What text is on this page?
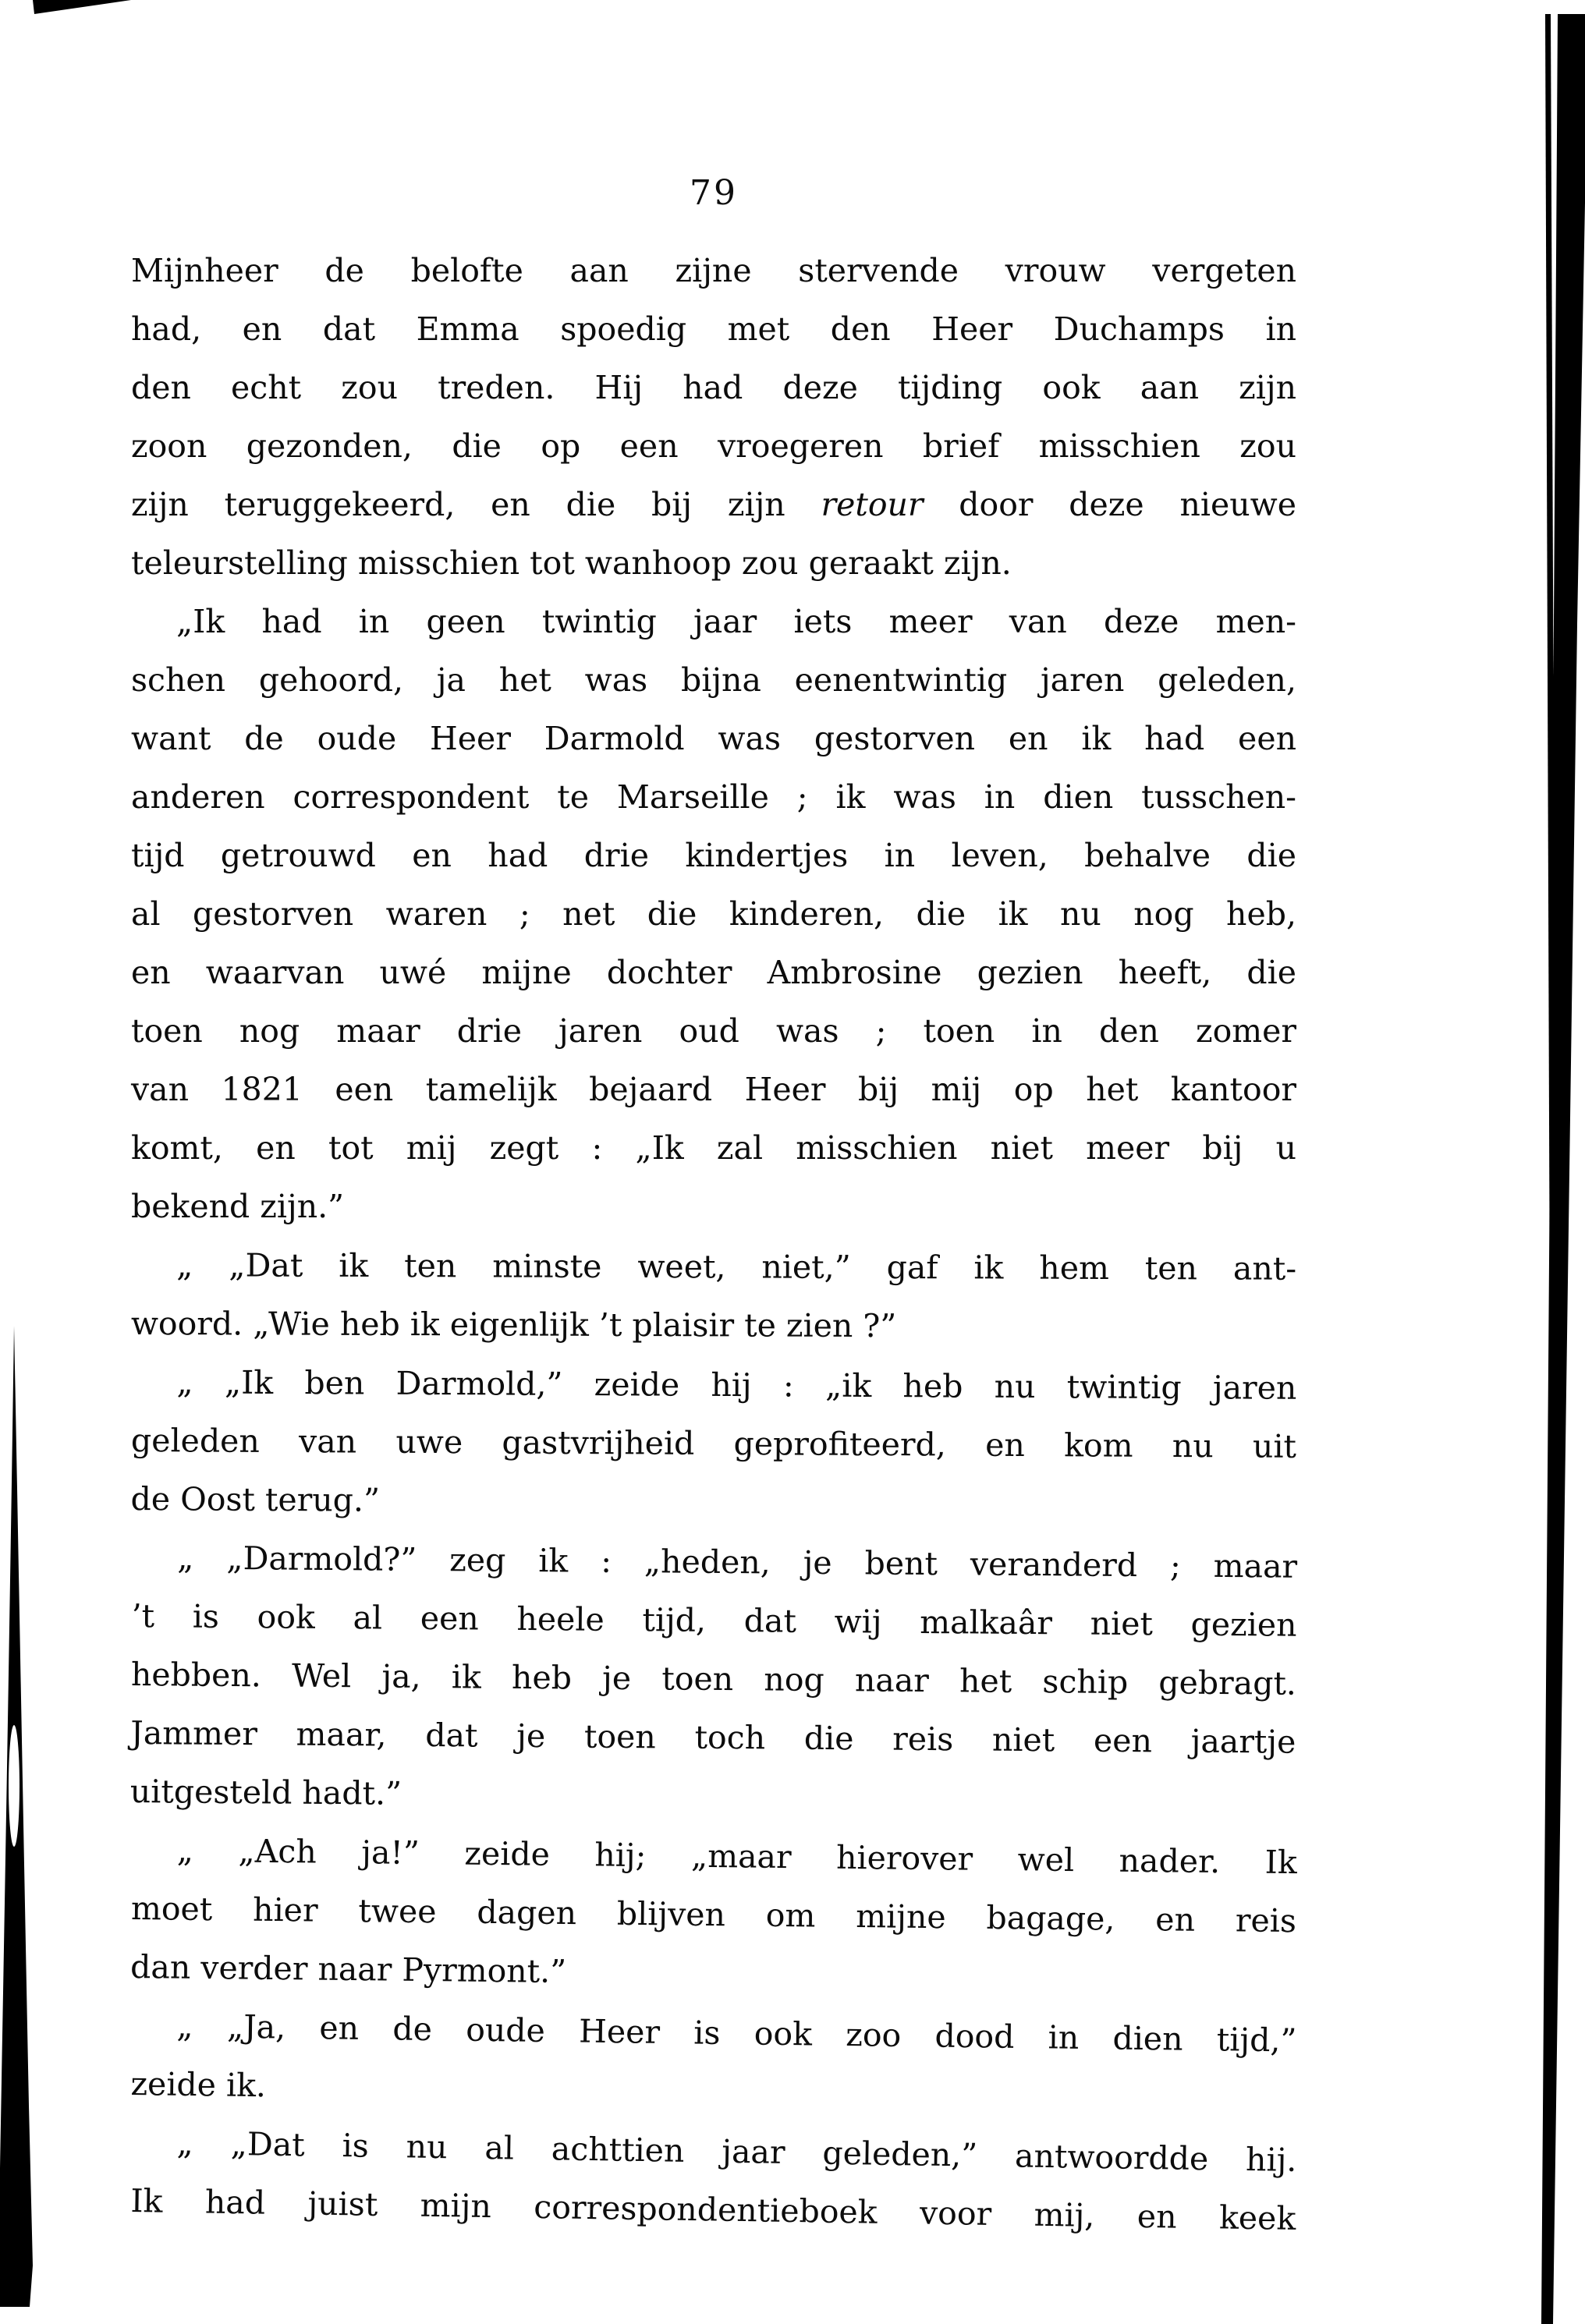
79
Mijnheer de belofte aan zijne stervende vrouw vergeten
had, en dat Emma spoedig met den Heer Duchamps in
den echt zou treden. Hij had deze tijding ook aan zijn
zoon gezonden, die op een vroegeren brief misschien zou
zijn teruggekeerd, en die bij zijn retour door deze nieuwe
teleurstelling misschien tot wanhoop zou geraakt zijn.
„Ik had in geen twintig jaar iets meer van deze men-
schen gehoord, ja het was bijna eenentwintig jaren geleden,
want de oude Heer Darmold was gestorven en ik had een
anderen correspondent te Marseille ; ik was in dien tusschen-
tijd getrouwd en had drie kindertjes in leven, behalve die
al gestorven waren ; net die kinderen, die ik nu nog heb,
en waarvan uwé mijne dochter Ambrosine gezien heeft, die
toen nog maar drie jaren oud was ; toen in den zomer
van 1821 een tamelijk bejaard Heer bij mij op het kantoor
komt, en tot mij zegt : „Ik zal misschien niet meer bij u
bekend zijn.”
„ „Dat ik ten minste weet, niet,” gaf ik hem ten ant-
woord. „Wie heb ik eigenlijk ’t plaisir te zien ?”
„ „Ik ben Darmold,” zeide hij : „ik heb nu twintig jaren
geleden van uwe gastvrijheid geprofiteerd, en kom nu uit
de Oost terug.”
„ „Darmold?” zeg ik : „heden, je bent veranderd ; maar
’t is ook al een heele tijd, dat wij malkaâr niet gezien
hebben. Wel ja, ik heb je toen nog naar het schip gebragt.
Jammer maar, dat je toen toch die reis niet een jaartje
uitgesteld hadt.”
„ „Ach ja!” zeide hij; „maar hierover wel nader. Ik
moet hier twee dagen blijven om mijne bagage, en reis
dan verder naar Pyrmont.”
„ „Ja, en de oude Heer is ook zoo dood in dien tijd,”
zeide ik.
„ „Dat is nu al achttien jaar geleden,” antwoordde hij.
Ik had juist mijn correspondentieboek voor mij, en keek
